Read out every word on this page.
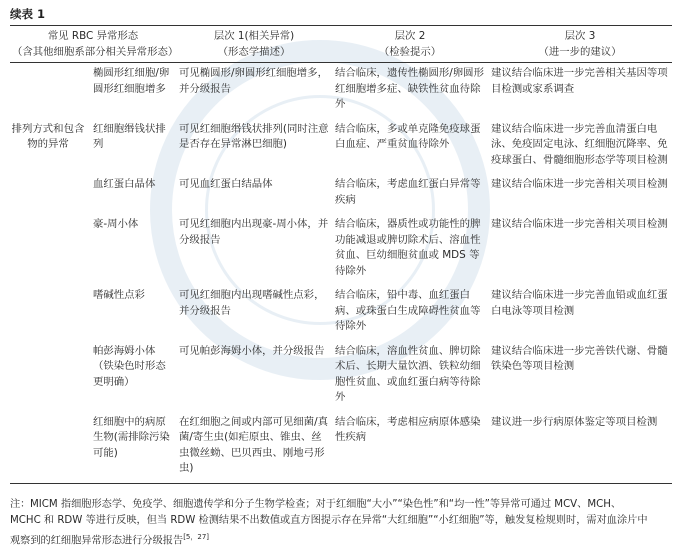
续表 1
常见 RBC 异常形态		层次 1(相关异常)	层次 2	层次 3
（含其他细胞系部分相关异常形态）		（形态学描述）	（检验提示）	（进一步的建议）
排列方式和包含物的异常	椭圆形红细胞/卵圆形红细胞增多	可见椭圆形/卵圆形红细胞增多，并分级报告	结合临床，遗传性椭圆形/卵圆形红细胞增多症、缺铁性贫血待除外	建议结合临床进一步完善相关基因等项目检测或家系调查
	红细胞缗钱状排列	可见红细胞缗钱状排列(同时注意是否存在异常淋巴细胞)	结合临床，多或单克隆免疫球蛋白血症、严重贫血待除外	建议结合临床进一步完善血清蛋白电泳、免疫固定电泳、红细胞沉降率、免疫球蛋白、骨髓细胞形态学等项目检测
	血红蛋白晶体	可见血红蛋白结晶体	结合临床，考虑血红蛋白异常等疾病	建议结合临床进一步完善相关项目检测
	豪-周小体	可见红细胞内出现豪-周小体，并分级报告	结合临床，器质性或功能性的脾功能减退或脾切除术后、溶血性贫血、巨幼细胞贫血或 MDS 等待除外	建议结合临床进一步完善相关项目检测
	嗜碱性点彩	可见红细胞内出现嗜碱性点彩，并分级报告	结合临床，铅中毒、血红蛋白病、或珠蛋白生成障碍性贫血等待除外	建议结合临床进一步完善血铅或血红蛋白电泳等项目检测
	帕彭海姆小体（铁染色时形态更明确）	可见帕彭海姆小体，并分级报告	结合临床，溶血性贫血、脾切除术后、长期大量饮酒、铁粒幼细胞性贫血、或血红蛋白病等待除外	建议结合临床进一步完善铁代谢、骨髓铁染色等项目检测
	红细胞中的病原生物(需排除污染可能)	在红细胞之间或内部可见细菌/真菌/寄生虫(如疟原虫、锥虫、丝虫微丝蚴、巴贝西虫、刚地弓形虫)	结合临床，考虑相应病原体感染性疾病	建议进一步行病原体鉴定等项目检测
注： MICM 指细胞形态学、免疫学、细胞遗传学和分子生物学检查；对于红细胞“大小”“染色性”和“均一性”等异常可通过 MCV、MCH、
MCHC 和 RDW 等进行反映，但当 RDW 检测结果不出数值或直方图提示存在异常“大红细胞”“小红细胞”等，触发复检规则时，需对血涂片中
观察到的红细胞异常形态进行分级报告[5，27]
